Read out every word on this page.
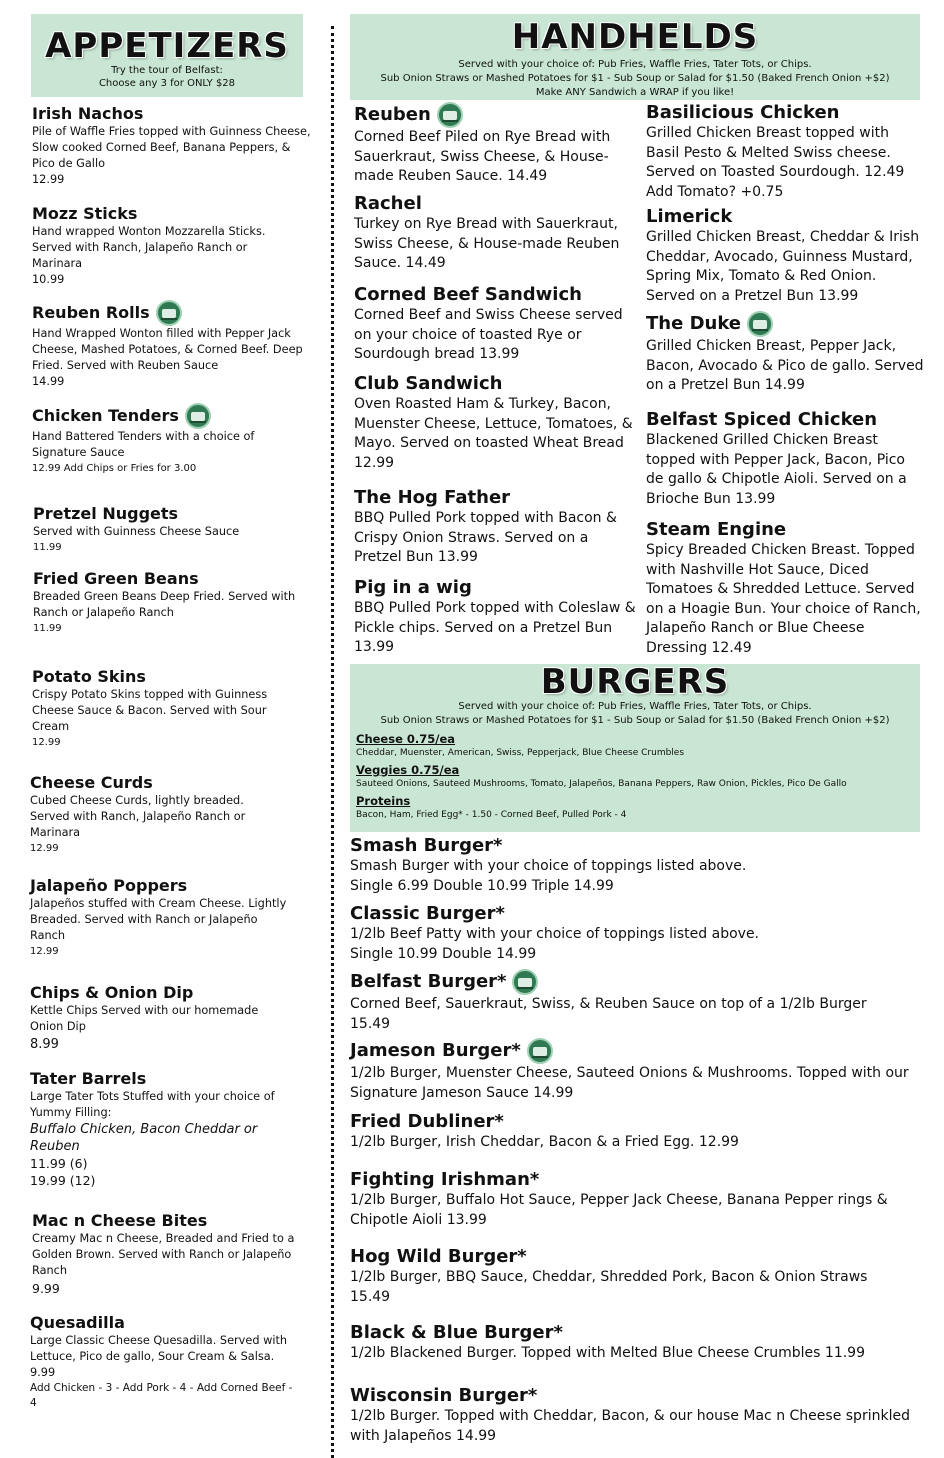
APPETIZERS

Try the tour of Belfast:

Choose any 3 for ONLY $28

Irish Nachos

Pile of Waffle Fries topped with Guinness Cheese, Slow cooked Corned Beef, Banana Peppers, & Pico de Gallo

12.99

Mozz Sticks

Hand wrapped Wonton Mozzarella Sticks. Served with Ranch, Jalapeño Ranch or Marinara

10.99

Reuben Rolls

Hand Wrapped Wonton filled with Pepper Jack Cheese, Mashed Potatoes, & Corned Beef. Deep Fried. Served with Reuben Sauce

14.99

Chicken Tenders

Hand Battered Tenders with a choice of Signature Sauce

12.99 Add Chips or Fries for 3.00

Pretzel Nuggets

Served with Guinness Cheese Sauce

11.99

Fried Green Beans

Breaded Green Beans Deep Fried. Served with Ranch or Jalapeño Ranch

11.99

Potato Skins

Crispy Potato Skins topped with Guinness Cheese Sauce & Bacon. Served with Sour Cream

12.99

Cheese Curds

Cubed Cheese Curds, lightly breaded. Served with Ranch, Jalapeño Ranch or Marinara

12.99

Jalapeño Poppers

Jalapeños stuffed with Cream Cheese. Lightly Breaded. Served with Ranch or Jalapeño Ranch

12.99

Chips & Onion Dip

Kettle Chips Served with our homemade Onion Dip

8.99

Tater Barrels

Large Tater Tots Stuffed with your choice of Yummy Filling:

Buffalo Chicken, Bacon Cheddar or Reuben

11.99 (6)

19.99 (12)

Mac n Cheese Bites

Creamy Mac n Cheese, Breaded and Fried to a Golden Brown. Served with Ranch or Jalapeño Ranch

9.99

Quesadilla

Large Classic Cheese Quesadilla. Served with Lettuce, Pico de gallo, Sour Cream & Salsa. 9.99

Add Chicken - 3 - Add Pork - 4 - Add Corned Beef - 4

HANDHELDS

Served with your choice of: Pub Fries, Waffle Fries, Tater Tots, or Chips.

Sub Onion Straws or Mashed Potatoes for $1 - Sub Soup or Salad for $1.50 (Baked French Onion +$2)

Make ANY Sandwich a WRAP if you like!

Reuben

Corned Beef Piled on Rye Bread with Sauerkraut, Swiss Cheese, & House-made Reuben Sauce. 14.49

Rachel

Turkey on Rye Bread with Sauerkraut, Swiss Cheese, & House-made Reuben Sauce. 14.49

Corned Beef Sandwich

Corned Beef and Swiss Cheese served on your choice of toasted Rye or Sourdough bread 13.99

Club Sandwich

Oven Roasted Ham & Turkey, Bacon, Muenster Cheese, Lettuce, Tomatoes, & Mayo. Served on toasted Wheat Bread 12.99

The Hog Father

BBQ Pulled Pork topped with Bacon & Crispy Onion Straws. Served on a Pretzel Bun 13.99

Pig in a wig

BBQ Pulled Pork topped with Coleslaw & Pickle chips. Served on a Pretzel Bun 13.99

Basilicious Chicken

Grilled Chicken Breast topped with Basil Pesto & Melted Swiss cheese. Served on Toasted Sourdough. 12.49 Add Tomato? +0.75

Limerick

Grilled Chicken Breast, Cheddar & Irish Cheddar, Avocado, Guinness Mustard, Spring Mix, Tomato & Red Onion. Served on a Pretzel Bun 13.99

The Duke

Grilled Chicken Breast, Pepper Jack, Bacon, Avocado & Pico de gallo. Served on a Pretzel Bun 14.99

Belfast Spiced Chicken

Blackened Grilled Chicken Breast topped with Pepper Jack, Bacon, Pico de gallo & Chipotle Aioli. Served on a Brioche Bun 13.99

Steam Engine

Spicy Breaded Chicken Breast. Topped with Nashville Hot Sauce, Diced Tomatoes & Shredded Lettuce. Served on a Hoagie Bun. Your choice of Ranch, Jalapeño Ranch or Blue Cheese Dressing 12.49

BURGERS

Served with your choice of: Pub Fries, Waffle Fries, Tater Tots, or Chips.

Sub Onion Straws or Mashed Potatoes for $1 - Sub Soup or Salad for $1.50 (Baked French Onion +$2)

Cheese 0.75/ea

Cheddar, Muenster, American, Swiss, Pepperjack, Blue Cheese Crumbles

Veggies 0.75/ea

Sauteed Onions, Sauteed Mushrooms, Tomato, Jalapeños, Banana Peppers, Raw Onion, Pickles, Pico De Gallo

Proteins

Bacon, Ham, Fried Egg* - 1.50 - Corned Beef, Pulled Pork - 4

Smash Burger*

Smash Burger with your choice of toppings listed above.

Single 6.99 Double 10.99 Triple 14.99

Classic Burger*

1/2lb Beef Patty with your choice of toppings listed above.

Single 10.99 Double 14.99

Belfast Burger*

Corned Beef, Sauerkraut, Swiss, & Reuben Sauce on top of a 1/2lb Burger 15.49

Jameson Burger*

1/2lb Burger, Muenster Cheese, Sauteed Onions & Mushrooms. Topped with our Signature Jameson Sauce 14.99

Fried Dubliner*

1/2lb Burger, Irish Cheddar, Bacon & a Fried Egg. 12.99

Fighting Irishman*

1/2lb Burger, Buffalo Hot Sauce, Pepper Jack Cheese, Banana Pepper rings & Chipotle Aioli 13.99

Hog Wild Burger*

1/2lb Burger, BBQ Sauce, Cheddar, Shredded Pork, Bacon & Onion Straws 15.49

Black & Blue Burger*

1/2lb Blackened Burger. Topped with Melted Blue Cheese Crumbles 11.99

Wisconsin Burger*

1/2lb Burger. Topped with Cheddar, Bacon, & our house Mac n Cheese sprinkled with Jalapeños 14.99
